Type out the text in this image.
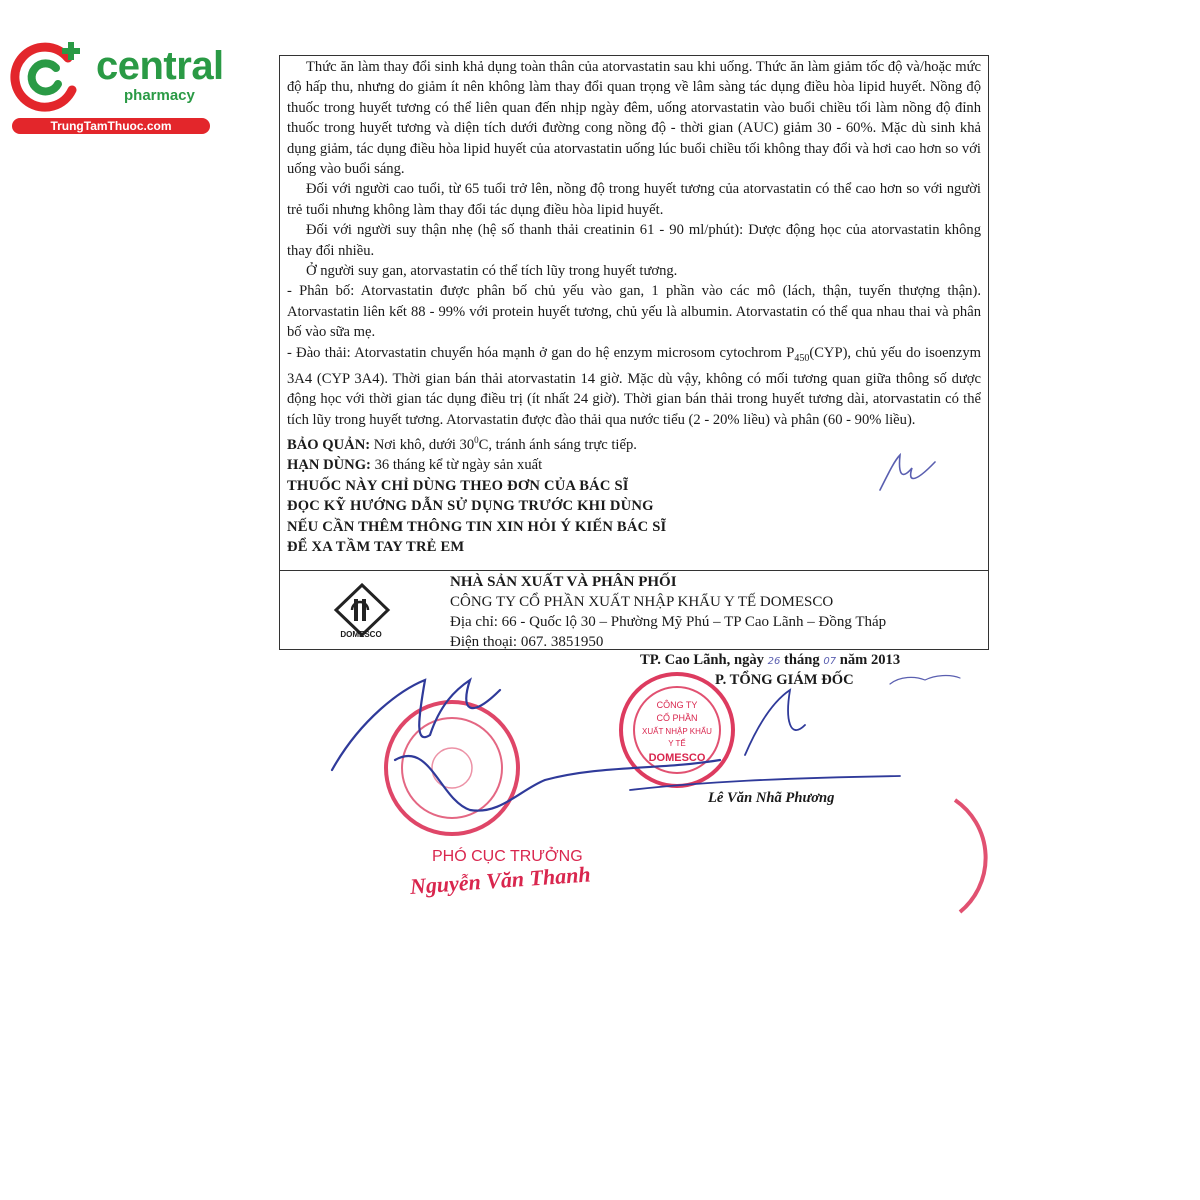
central
pharmacy
TrungTamThuoc.com

Thức ăn làm thay đổi sinh khả dụng toàn thân của atorvastatin sau khi uống. Thức ăn làm giảm tốc độ và/hoặc mức độ hấp thu, nhưng do giảm ít nên không làm thay đổi quan trọng về lâm sàng tác dụng điều hòa lipid huyết. Nồng độ thuốc trong huyết tương có thể liên quan đến nhịp ngày đêm, uống atorvastatin vào buổi chiều tối làm nồng độ đỉnh thuốc trong huyết tương và diện tích dưới đường cong nồng độ - thời gian (AUC) giảm 30 - 60%. Mặc dù sinh khả dụng giảm, tác dụng điều hòa lipid huyết của atorvastatin uống lúc buổi chiều tối không thay đổi và hơi cao hơn so với uống vào buổi sáng.

Đối với người cao tuổi, từ 65 tuổi trở lên, nồng độ trong huyết tương của atorvastatin có thể cao hơn so với người trẻ tuổi nhưng không làm thay đổi tác dụng điều hòa lipid huyết.

Đối với người suy thận nhẹ (hệ số thanh thải creatinin 61 - 90 ml/phút): Dược động học của atorvastatin không thay đổi nhiều.

Ở người suy gan, atorvastatin có thể tích lũy trong huyết tương.

- Phân bố: Atorvastatin được phân bố chủ yếu vào gan, 1 phần vào các mô (lách, thận, tuyến thượng thận). Atorvastatin liên kết 88 - 99% với protein huyết tương, chủ yếu là albumin. Atorvastatin có thể qua nhau thai và phân bố vào sữa mẹ.

- Đào thải: Atorvastatin chuyển hóa mạnh ở gan do hệ enzym microsom cytochrom $P_{450}(CYP)$, chủ yếu do isoenzym 3A4 (CYP 3A4). Thời gian bán thải atorvastatin 14 giờ. Mặc dù vậy, không có mối tương quan giữa thông số dược động học với thời gian tác dụng điều trị (ít nhất 24 giờ). Thời gian bán thải trong huyết tương dài, atorvastatin có thể tích lũy trong huyết tương. Atorvastatin được đào thải qua nước tiểu (2 - 20% liều) và phân (60 - 90% liều).

BẢO QUẢN: Nơi khô, dưới $30^0C$, tránh ánh sáng trực tiếp.

HẠN DÙNG: 36 tháng kể từ ngày sản xuất

THUỐC NÀY CHỈ DÙNG THEO ĐƠN CỦA BÁC SĨ

ĐỌC KỸ HƯỚNG DẪN SỬ DỤNG TRƯỚC KHI DÙNG

NẾU CẦN THÊM THÔNG TIN XIN HỎI Ý KIẾN BÁC SĨ

ĐỂ XA TẦM TAY TRẺ EM

DOMESCO
NHÀ SẢN XUẤT VÀ PHÂN PHỐI
CÔNG TY CỔ PHẦN XUẤT NHẬP KHẨU Y TẾ DOMESCO
Địa chỉ: 66 - Quốc lộ 30 – Phường Mỹ Phú – TP Cao Lãnh – Đồng Tháp
Điện thoại: 067. 3851950
TP. Cao Lãnh, ngày 26 tháng 07 năm 2013
P. TỔNG GIÁM ĐỐC
Lê Văn Nhã Phương
PHÓ CỤC TRƯỞNG
Nguyễn Văn Thanh
CÔNG TY
CỔ PHẦN
XUẤT NHẬP KHẨU
Y TẾ
DOMESCO
